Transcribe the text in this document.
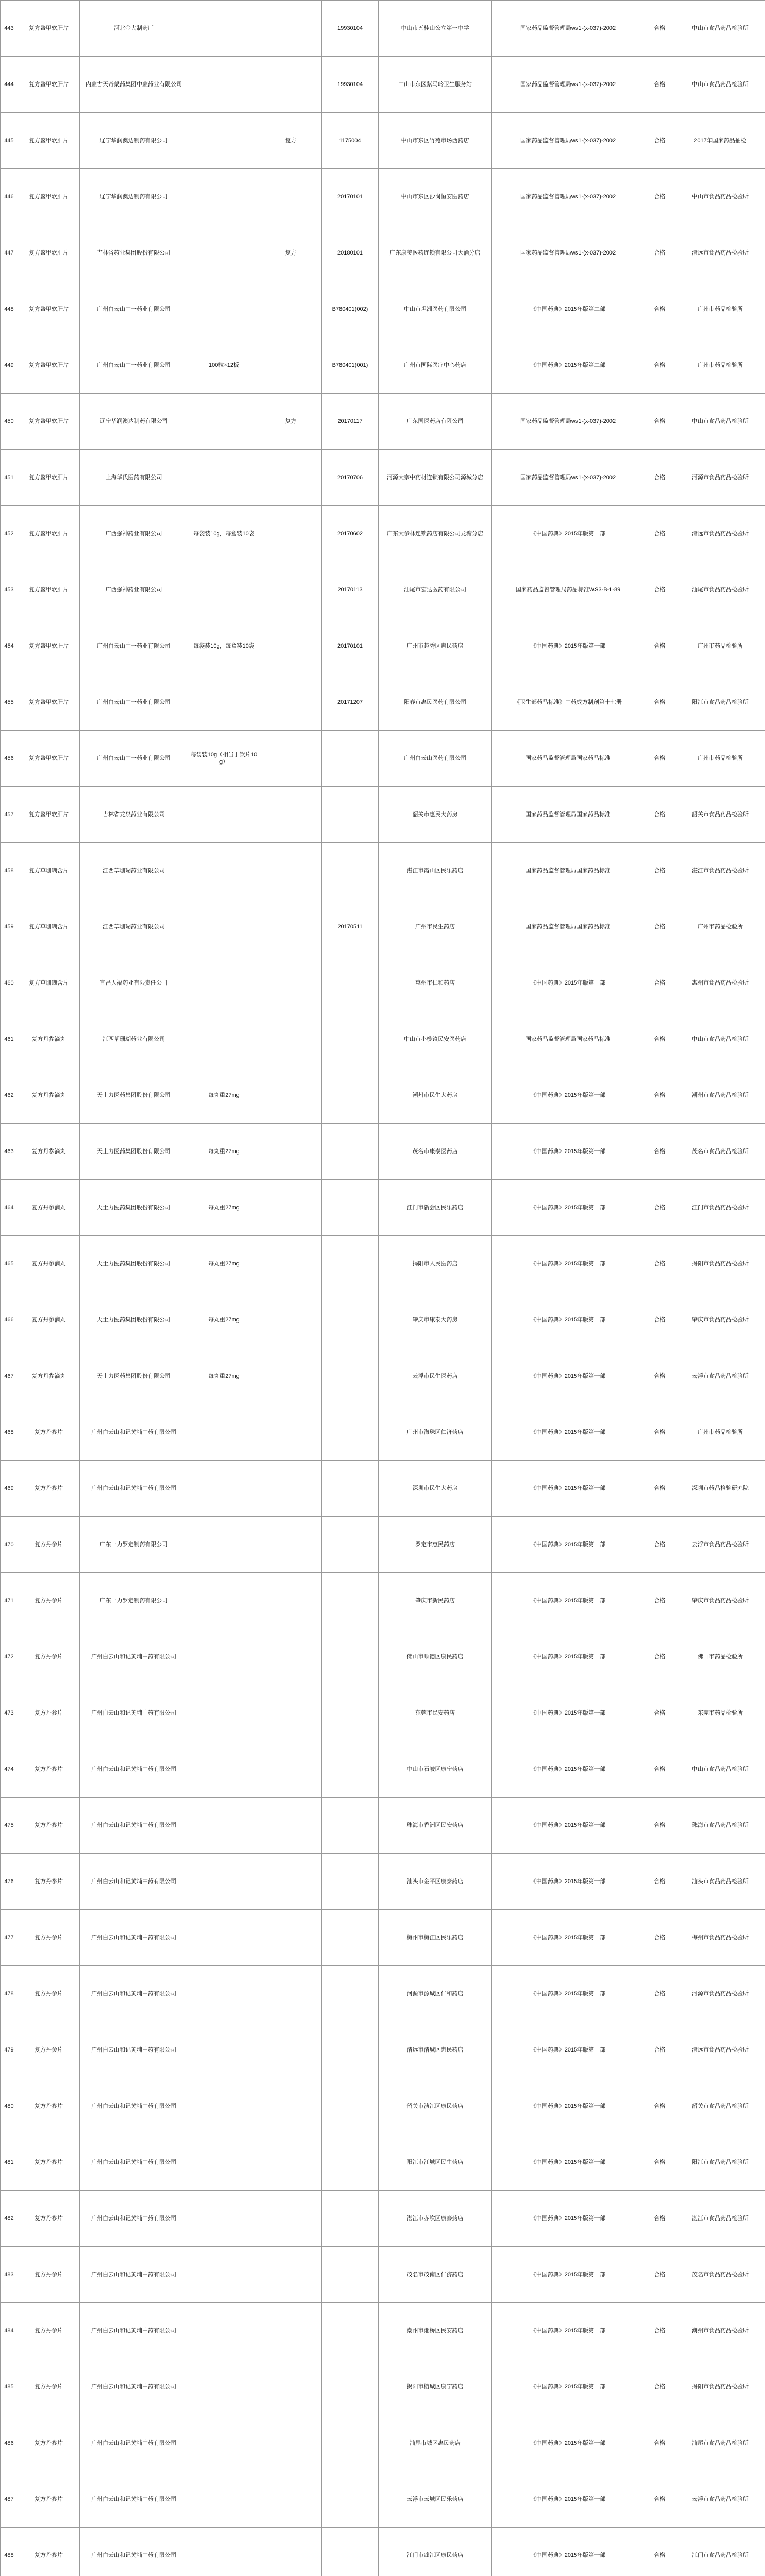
443	复方鳖甲软肝片	河北金大制药厂			19930104	中山市五桂山公立第一中学	国家药品监督管理局ws1-(x-037)-2002	合格	中山市食品药品检验所
444	复方鳖甲软肝片	内蒙古天奇蒙药集团中蒙药业有限公司			19930104	中山市东区紫马岭卫生服务站	国家药品监督管理局ws1-(x-037)-2002	合格	中山市食品药品检验所
445	复方鳖甲软肝片	辽宁华润澳达制药有限公司		复方	1175004	中山市东区竹苑市场西药店	国家药品监督管理局ws1-(x-037)-2002	合格	2017年国家药品抽检
446	复方鳖甲软肝片	辽宁华润澳达制药有限公司			20170101	中山市东区沙岗恒安医药店	国家药品监督管理局ws1-(x-037)-2002	合格	中山市食品药品检验所
447	复方鳖甲软肝片	吉林省药业集团股份有限公司		复方	20180101	广东康美医药连锁有限公司大涌分店	国家药品监督管理局ws1-(x-037)-2002	合格	清远市食品药品检验所
448	复方鳖甲软肝片	广州白云山中一药业有限公司			B780401(002)	中山市坦洲医药有限公司	《中国药典》2015年版第二部	合格	广州市药品检验所
449	复方鳖甲软肝片	广州白云山中一药业有限公司	100粒×12板		B780401(001)	广州市国际医疗中心药店	《中国药典》2015年版第二部	合格	广州市药品检验所
450	复方鳖甲软肝片	辽宁华润澳达制药有限公司		复方	20170117	广东国医药店有限公司	国家药品监督管理局ws1-(x-037)-2002	合格	中山市食品药品检验所
451	复方鳖甲软肝片	上海华氏医药有限公司			20170706	河源大宗中药材连锁有限公司源城分店	国家药品监督管理局ws1-(x-037)-2002	合格	河源市食品药品检验所
452	复方鳖甲软肝片	广西强神药业有限公司	每袋装10g，每盒装10袋		20170602	广东大参林连锁药店有限公司龙塘分店	《中国药典》2015年版第一部	合格	清远市食品药品检验所
453	复方鳖甲软肝片	广西强神药业有限公司			20170113	汕尾市宏达医药有限公司	国家药品监督管理局药品标准WS3-B-1-89	合格	汕尾市食品药品检验所
454	复方鳖甲软肝片	广州白云山中一药业有限公司	每袋装10g，每盒装10袋		20170101	广州市越秀区惠民药房	《中国药典》2015年版第一部	合格	广州市药品检验所
455	复方鳖甲软肝片	广州白云山中一药业有限公司			20171207	阳春市惠民医药有限公司	《卫生部药品标准》中药成方制剂第十七册	合格	阳江市食品药品检验所
456	复方鳖甲软肝片	广州白云山中一药业有限公司	每袋装10g（相当于饮片10g）			广州白云山医药有限公司	国家药品监督管理局国家药品标准	合格	广州市药品检验所
457	复方鳖甲软肝片	吉林省龙泉药业有限公司				韶关市惠民大药房	国家药品监督管理局国家药品标准	合格	韶关市食品药品检验所
458	复方草珊瑚含片	江西草珊瑚药业有限公司				湛江市霞山区民乐药店	国家药品监督管理局国家药品标准	合格	湛江市食品药品检验所
459	复方草珊瑚含片	江西草珊瑚药业有限公司			20170511	广州市民生药店	国家药品监督管理局国家药品标准	合格	广州市药品检验所
460	复方草珊瑚含片	宜昌人福药业有限责任公司				惠州市仁和药店	《中国药典》2015年版第一部	合格	惠州市食品药品检验所
461	复方丹参滴丸	江西草珊瑚药业有限公司				中山市小榄镇民安医药店	国家药品监督管理局国家药品标准	合格	中山市食品药品检验所
462	复方丹参滴丸	天士力医药集团股份有限公司	每丸重27mg			潮州市民生大药房	《中国药典》2015年版第一部	合格	潮州市食品药品检验所
463	复方丹参滴丸	天士力医药集团股份有限公司	每丸重27mg			茂名市康泰医药店	《中国药典》2015年版第一部	合格	茂名市食品药品检验所
464	复方丹参滴丸	天士力医药集团股份有限公司	每丸重27mg			江门市新会区民乐药店	《中国药典》2015年版第一部	合格	江门市食品药品检验所
465	复方丹参滴丸	天士力医药集团股份有限公司	每丸重27mg			揭阳市人民医药店	《中国药典》2015年版第一部	合格	揭阳市食品药品检验所
466	复方丹参滴丸	天士力医药集团股份有限公司	每丸重27mg			肇庆市康泰大药房	《中国药典》2015年版第一部	合格	肇庆市食品药品检验所
467	复方丹参滴丸	天士力医药集团股份有限公司	每丸重27mg			云浮市民生医药店	《中国药典》2015年版第一部	合格	云浮市食品药品检验所
468	复方丹参片	广州白云山和记黄埔中药有限公司				广州市海珠区仁济药店	《中国药典》2015年版第一部	合格	广州市药品检验所
469	复方丹参片	广州白云山和记黄埔中药有限公司				深圳市民生大药房	《中国药典》2015年版第一部	合格	深圳市药品检验研究院
470	复方丹参片	广东一力罗定制药有限公司				罗定市惠民药店	《中国药典》2015年版第一部	合格	云浮市食品药品检验所
471	复方丹参片	广东一力罗定制药有限公司				肇庆市新民药店	《中国药典》2015年版第一部	合格	肇庆市食品药品检验所
472	复方丹参片	广州白云山和记黄埔中药有限公司				佛山市顺德区康民药店	《中国药典》2015年版第一部	合格	佛山市药品检验所
473	复方丹参片	广州白云山和记黄埔中药有限公司				东莞市民安药店	《中国药典》2015年版第一部	合格	东莞市药品检验所
474	复方丹参片	广州白云山和记黄埔中药有限公司				中山市石岐区康宁药店	《中国药典》2015年版第一部	合格	中山市食品药品检验所
475	复方丹参片	广州白云山和记黄埔中药有限公司				珠海市香洲区民安药店	《中国药典》2015年版第一部	合格	珠海市食品药品检验所
476	复方丹参片	广州白云山和记黄埔中药有限公司				汕头市金平区康泰药店	《中国药典》2015年版第一部	合格	汕头市食品药品检验所
477	复方丹参片	广州白云山和记黄埔中药有限公司				梅州市梅江区民乐药店	《中国药典》2015年版第一部	合格	梅州市食品药品检验所
478	复方丹参片	广州白云山和记黄埔中药有限公司				河源市源城区仁和药店	《中国药典》2015年版第一部	合格	河源市食品药品检验所
479	复方丹参片	广州白云山和记黄埔中药有限公司				清远市清城区惠民药店	《中国药典》2015年版第一部	合格	清远市食品药品检验所
480	复方丹参片	广州白云山和记黄埔中药有限公司				韶关市浈江区康民药店	《中国药典》2015年版第一部	合格	韶关市食品药品检验所
481	复方丹参片	广州白云山和记黄埔中药有限公司				阳江市江城区民生药店	《中国药典》2015年版第一部	合格	阳江市食品药品检验所
482	复方丹参片	广州白云山和记黄埔中药有限公司				湛江市赤坎区康泰药店	《中国药典》2015年版第一部	合格	湛江市食品药品检验所
483	复方丹参片	广州白云山和记黄埔中药有限公司				茂名市茂南区仁济药店	《中国药典》2015年版第一部	合格	茂名市食品药品检验所
484	复方丹参片	广州白云山和记黄埔中药有限公司				潮州市湘桥区民安药店	《中国药典》2015年版第一部	合格	潮州市食品药品检验所
485	复方丹参片	广州白云山和记黄埔中药有限公司				揭阳市榕城区康宁药店	《中国药典》2015年版第一部	合格	揭阳市食品药品检验所
486	复方丹参片	广州白云山和记黄埔中药有限公司				汕尾市城区惠民药店	《中国药典》2015年版第一部	合格	汕尾市食品药品检验所
487	复方丹参片	广州白云山和记黄埔中药有限公司				云浮市云城区民乐药店	《中国药典》2015年版第一部	合格	云浮市食品药品检验所
488	复方丹参片	广州白云山和记黄埔中药有限公司				江门市蓬江区康民药店	《中国药典》2015年版第一部	合格	江门市食品药品检验所
